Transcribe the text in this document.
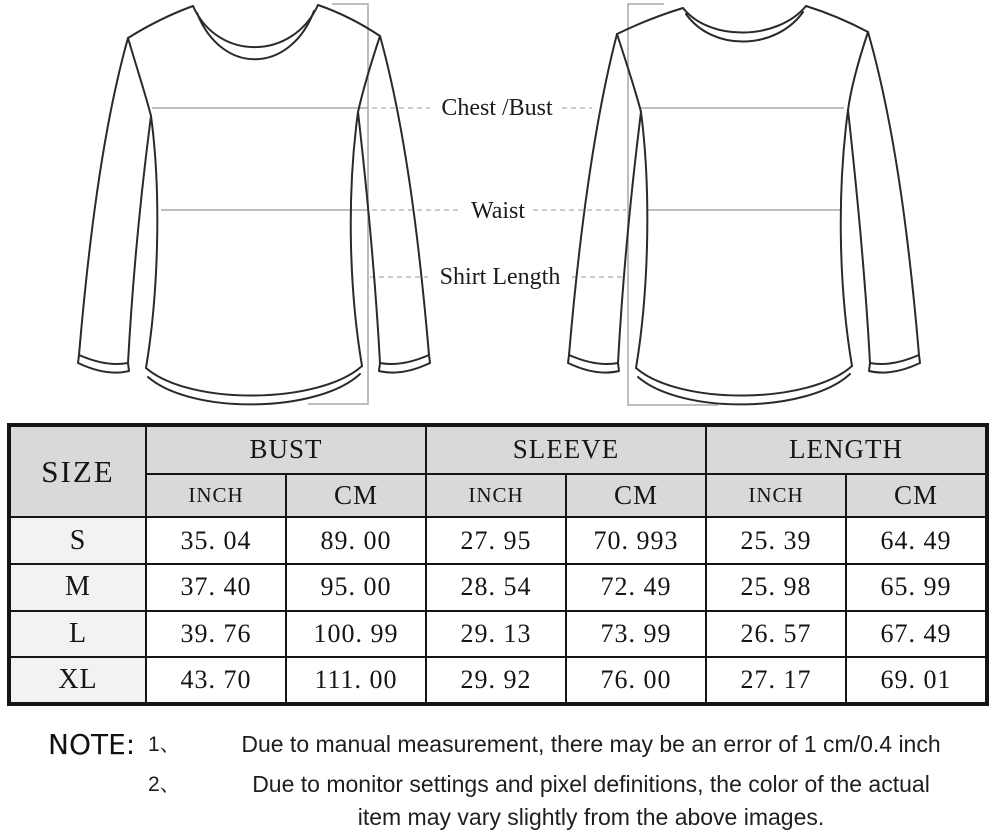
Chest /Bust
Waist
Shirt Length
SIZE	BUST		SLEEVE		LENGTH	
	INCH	CM	INCH	CM	INCH	CM
S	35. 04	89. 00	27. 95	70. 993	25. 39	64. 49
M	37. 40	95. 00	28. 54	72. 49	25. 98	65. 99
L	39. 76	100. 99	29. 13	73. 99	26. 57	67. 49
XL	43. 70	111. 00	29. 92	76. 00	27. 17	69. 01
NOTE: 1、	Due to manual measurement, there may be an error of 1 cm/0.4 inch
2、	Due to monitor settings and pixel definitions, the color of the actual
item may vary slightly from the above images.
